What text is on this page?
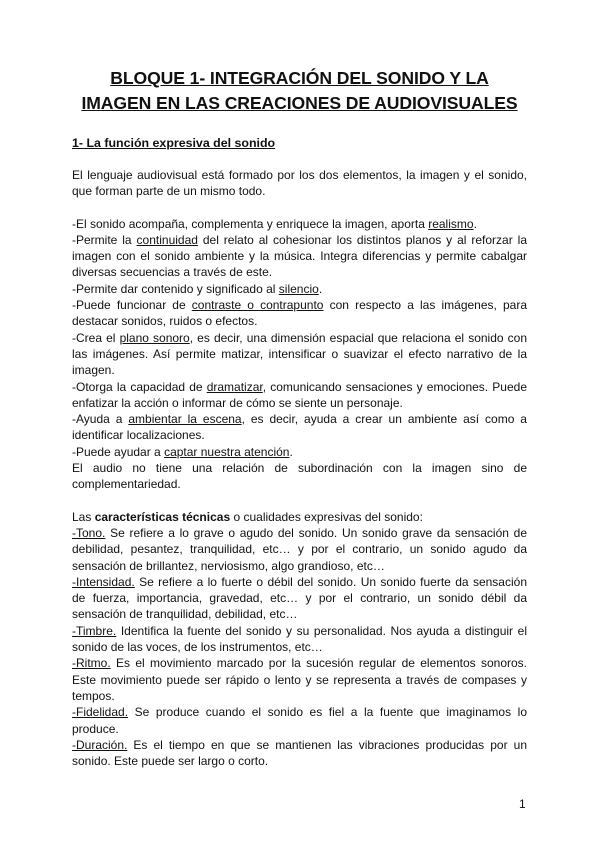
BLOQUE 1- INTEGRACIÓN DEL SONIDO Y LA
IMAGEN EN LAS CREACIONES DE AUDIOVISUALES
1- La función expresiva del sonido

El lenguaje audiovisual está formado por los dos elementos, la imagen y el sonido, que forman parte de un mismo todo.

-El sonido acompaña, complementa y enriquece la imagen, aporta realismo.

-Permite la continuidad del relato al cohesionar los distintos planos y al reforzar la imagen con el sonido ambiente y la música. Integra diferencias y permite cabalgar diversas secuencias a través de este.

-Permite dar contenido y significado al silencio.

-Puede funcionar de contraste o contrapunto con respecto a las imágenes, para destacar sonidos, ruidos o efectos.

-Crea el plano sonoro, es decir, una dimensión espacial que relaciona el sonido con las imágenes. Así permite matizar, intensificar o suavizar el efecto narrativo de la imagen.

-Otorga la capacidad de dramatizar, comunicando sensaciones y emociones. Puede enfatizar la acción o informar de cómo se siente un personaje.

-Ayuda a ambientar la escena, es decir, ayuda a crear un ambiente así como a identificar localizaciones.

-Puede ayudar a captar nuestra atención.

El audio no tiene una relación de subordinación con la imagen sino de complementariedad.

Las características técnicas o cualidades expresivas del sonido:

-Tono. Se refiere a lo grave o agudo del sonido. Un sonido grave da sensación de debilidad, pesantez, tranquilidad, etc… y por el contrario, un sonido agudo da sensación de brillantez, nerviosismo, algo grandioso, etc…

-Intensidad. Se refiere a lo fuerte o débil del sonido. Un sonido fuerte da sensación de fuerza, importancia, gravedad, etc… y por el contrario, un sonido débil da sensación de tranquilidad, debilidad, etc…

-Timbre. Identifica la fuente del sonido y su personalidad. Nos ayuda a distinguir el sonido de las voces, de los instrumentos, etc…

-Ritmo. Es el movimiento marcado por la sucesión regular de elementos sonoros. Este movimiento puede ser rápido o lento y se representa a través de compases y tempos.

-Fidelidad. Se produce cuando el sonido es fiel a la fuente que imaginamos lo produce.

-Duración. Es el tiempo en que se mantienen las vibraciones producidas por un sonido. Este puede ser largo o corto.

1
